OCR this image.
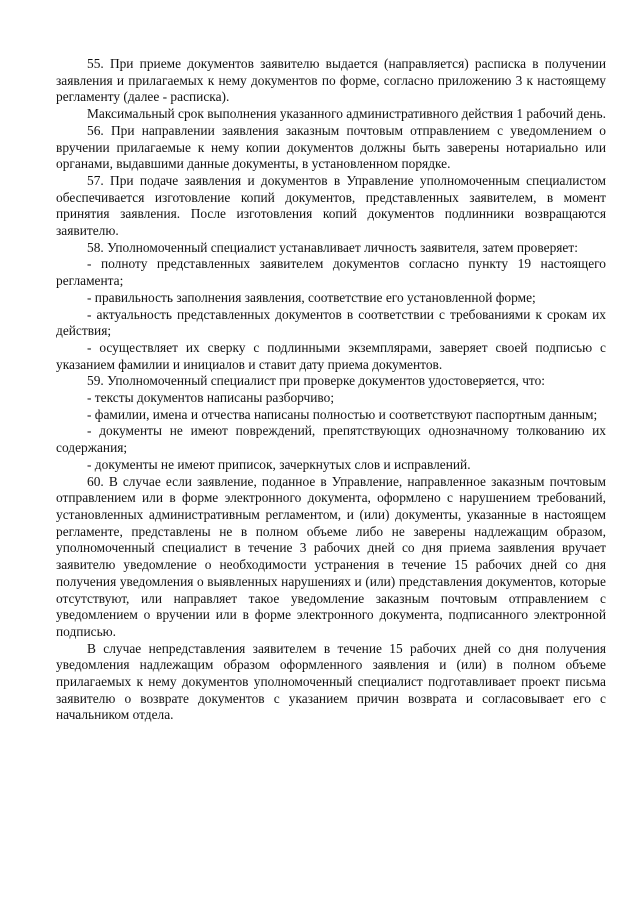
55. При приеме документов заявителю выдается (направляется) расписка в получении заявления и прилагаемых к нему документов по форме, согласно приложению 3 к настоящему регламенту (далее - расписка).

Максимальный срок выполнения указанного административного действия 1 рабочий день.

56. При направлении заявления заказным почтовым отправлением с уведомлением о вручении прилагаемые к нему копии документов должны быть заверены нотариально или органами, выдавшими данные документы, в установленном порядке.

57. При подаче заявления и документов в Управление уполномоченным специалистом обеспечивается изготовление копий документов, представленных заявителем, в момент принятия заявления. После изготовления копий документов подлинники возвращаются заявителю.

58. Уполномоченный специалист устанавливает личность заявителя, затем проверяет:

- полноту представленных заявителем документов согласно пункту 19 настоящего регламента;

- правильность заполнения заявления, соответствие его установленной форме;

- актуальность представленных документов в соответствии с требованиями к срокам их действия;

- осуществляет их сверку с подлинными экземплярами, заверяет своей подписью с указанием фамилии и инициалов и ставит дату приема документов.

59. Уполномоченный специалист при проверке документов удостоверяется, что:

- тексты документов написаны разборчиво;

- фамилии, имена и отчества написаны полностью и соответствуют паспортным данным;

- документы не имеют повреждений, препятствующих однозначному толкованию их содержания;

- документы не имеют приписок, зачеркнутых слов и исправлений.

60. В случае если заявление, поданное в Управление, направленное заказным почтовым отправлением или в форме электронного документа, оформлено с нарушением требований, установленных административным регламентом, и (или) документы, указанные в настоящем регламенте, представлены не в полном объеме либо не заверены надлежащим образом, уполномоченный специалист в течение 3 рабочих дней со дня приема заявления вручает заявителю уведомление о необходимости устранения в течение 15 рабочих дней со дня получения уведомления о выявленных нарушениях и (или) представления документов, которые отсутствуют, или направляет такое уведомление заказным почтовым отправлением с уведомлением о вручении или в форме электронного документа, подписанного электронной подписью.

В случае непредставления заявителем в течение 15 рабочих дней со дня получения уведомления надлежащим образом оформленного заявления и (или) в полном объеме прилагаемых к нему документов уполномоченный специалист подготавливает проект письма заявителю о возврате документов с указанием причин возврата и согласовывает его с начальником отдела.
